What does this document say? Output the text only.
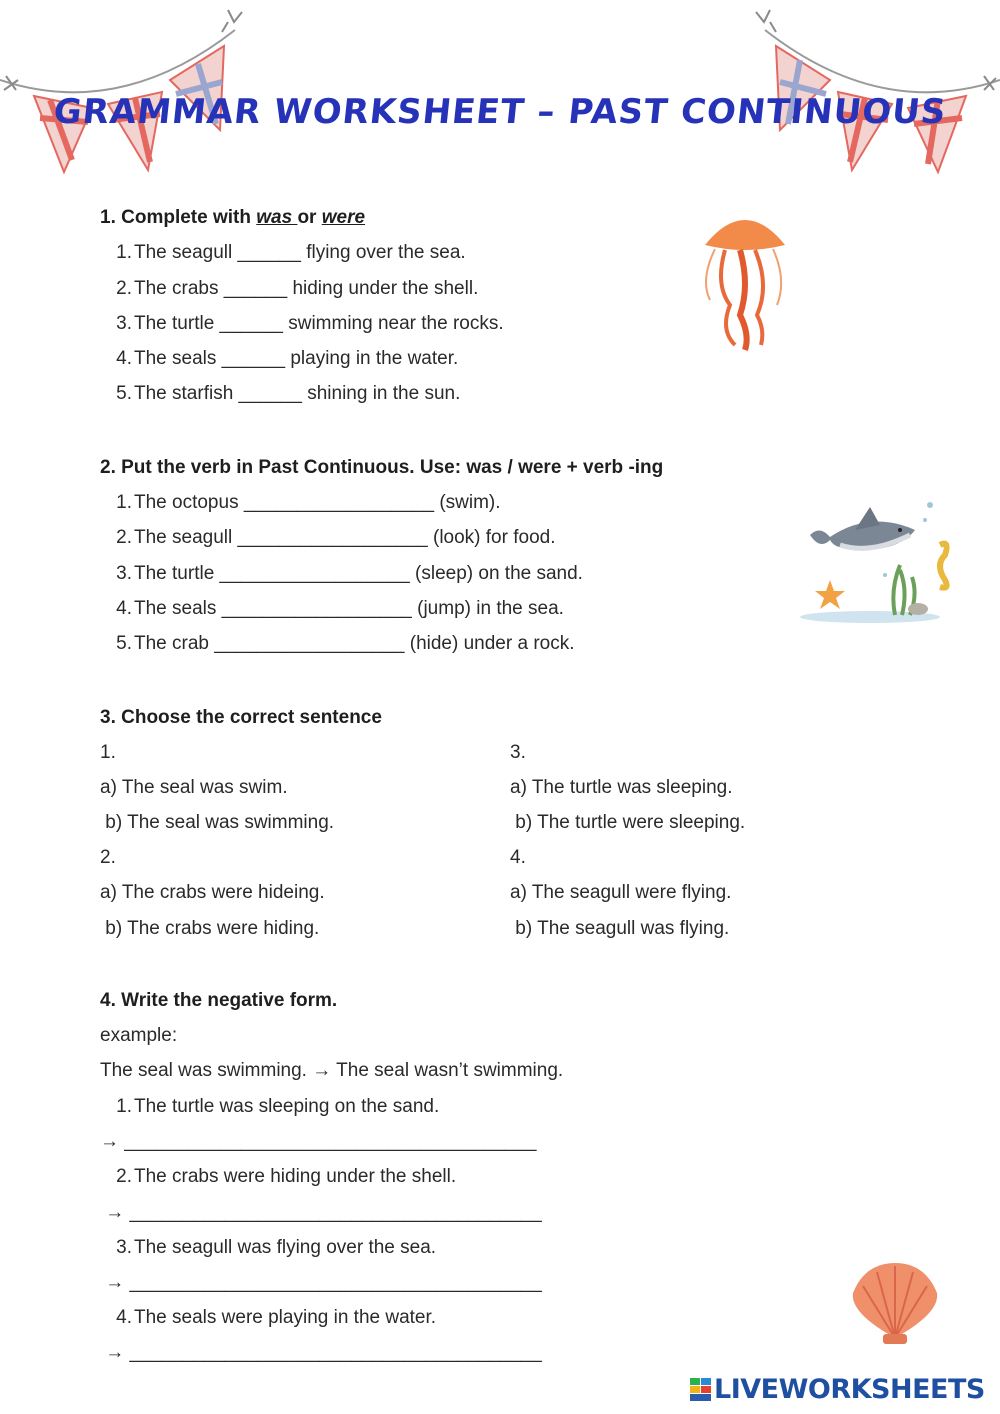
GRAMMAR WORKSHEET – PAST CONTINUOUS
1. Complete with was or were
1. The seagull ______ flying over the sea.
2. The crabs ______ hiding under the shell.
3. The turtle ______ swimming near the rocks.
4. The seals ______ playing in the water.
5. The starfish ______ shining in the sun.
2. Put the verb in Past Continuous. Use: was / were + verb -ing
1. The octopus __________________ (swim).
2. The seagull __________________ (look) for food.
3. The turtle __________________ (sleep) on the sand.
4. The seals __________________ (jump) in the sea.
5. The crab __________________ (hide) under a rock.
3. Choose the correct sentence
1.
a) The seal was swim.
b) The seal was swimming.
2.
a) The crabs were hideing.
b) The crabs were hiding.
3.
a) The turtle was sleeping.
b) The turtle were sleeping.
4.
a) The seagull were flying.
b) The seagull was flying.
4. Write the negative form.
example:
The seal was swimming. → The seal wasn’t swimming.
1. The turtle was sleeping on the sand.
→ _______________________________________
2. The crabs were hiding under the shell.
→ _______________________________________
3. The seagull was flying over the sea.
→ _______________________________________
4. The seals were playing in the water.
→ _______________________________________
LIVEWORKSHEETS
